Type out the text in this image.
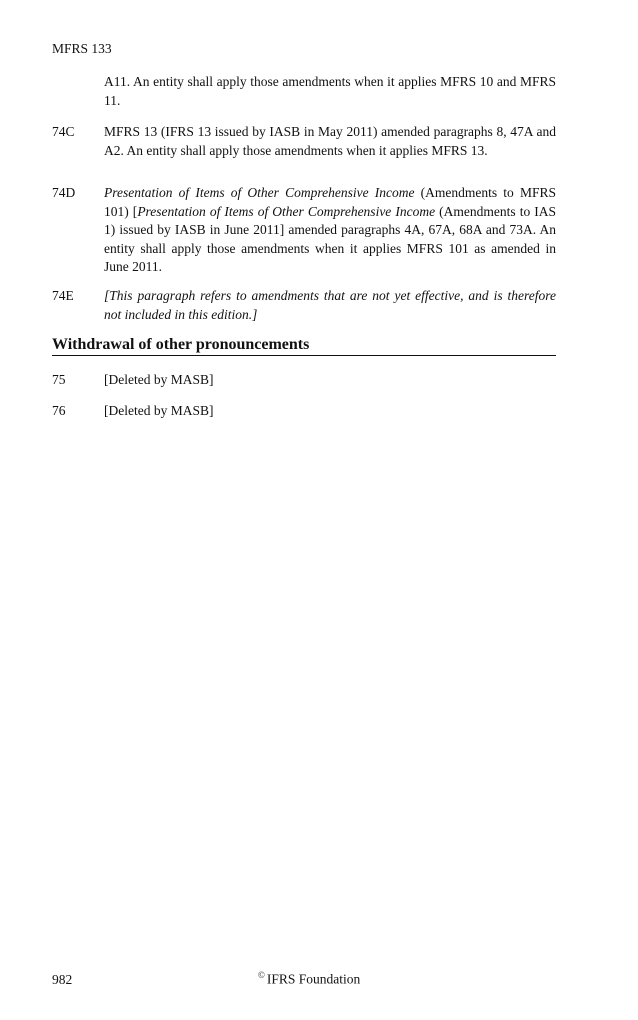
MFRS 133
A11. An entity shall apply those amendments when it applies MFRS 10 and MFRS 11.
74C MFRS 13 (IFRS 13 issued by IASB in May 2011) amended paragraphs 8, 47A and A2. An entity shall apply those amendments when it applies MFRS 13.
74D Presentation of Items of Other Comprehensive Income (Amendments to MFRS 101) [Presentation of Items of Other Comprehensive Income (Amendments to IAS 1) issued by IASB in June 2011] amended paragraphs 4A, 67A, 68A and 73A. An entity shall apply those amendments when it applies MFRS 101 as amended in June 2011.
74E [This paragraph refers to amendments that are not yet effective, and is therefore not included in this edition.]
Withdrawal of other pronouncements
75	[Deleted by MASB]
76	[Deleted by MASB]
982	© IFRS Foundation
